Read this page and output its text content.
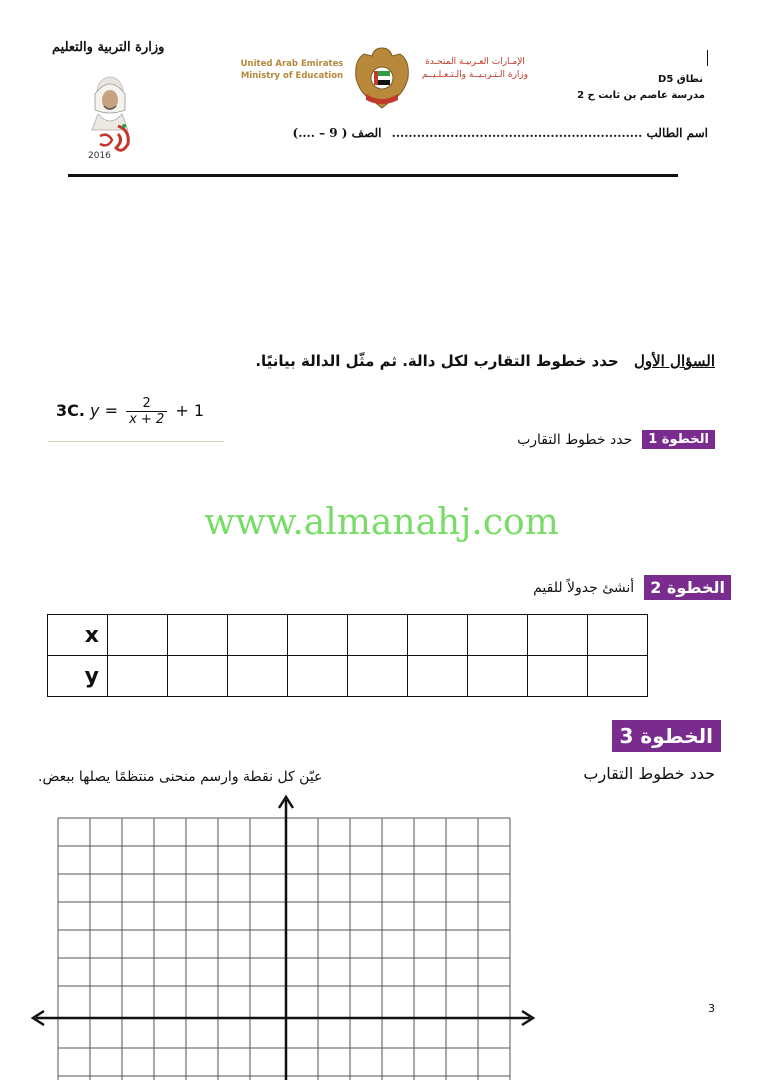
وزارة التربية والتعليم
2016
United Arab Emirates
Ministry of Education
الإمـارات العـربيـة المتحـدة
وزارة الـتـربـيــة والـتـعـلـيــم	نطاق D5
مدرسة عاصم بن ثابت ح 2
اسم الطالب ............................................................ الصف ( 9 – ....)
السؤال الأول حدد خطوط التقارب لكل دالة. ثم مثّل الدالة بيانيًا.
3C. $y = \frac{2}{x + 2} + 1$
الخطوة 1
حدد خطوط التقارب
www.almanahj.com
الخطوة 2
أنشئ جدولاً للقيم
x									
y									
الخطوة 3
حدد خطوط التقارب
عيّن كل نقطة وارسم منحنى منتظمًا يصلها ببعض.
3
